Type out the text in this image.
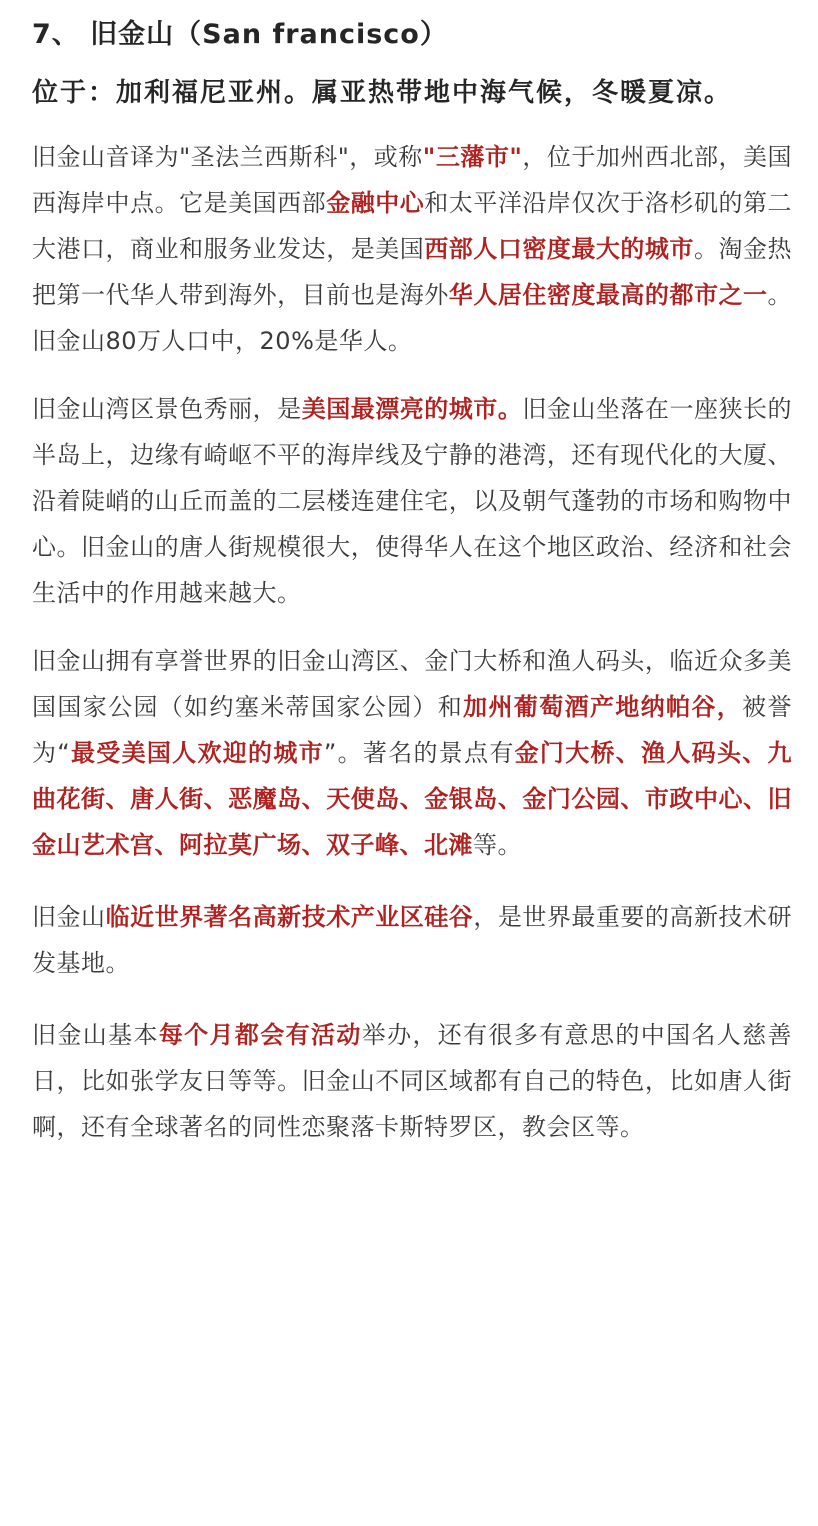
7、 旧金山（San francisco）
位于：加利福尼亚州。属亚热带地中海气候，冬暖夏凉。

旧金山音译为"圣法兰西斯科"，或称"三藩市"，位于加州西北部，美国西海岸中点。它是美国西部金融中心和太平洋沿岸仅次于洛杉矶的第二大港口，商业和服务业发达，是美国西部人口密度最大的城市。淘金热把第一代华人带到海外，目前也是海外华人居住密度最高的都市之一。旧金山80万人口中，20%是华人。

旧金山湾区景色秀丽，是美国最漂亮的城市。旧金山坐落在一座狭长的半岛上，边缘有崎岖不平的海岸线及宁静的港湾，还有现代化的大厦、沿着陡峭的山丘而盖的二层楼连建住宅，以及朝气蓬勃的市场和购物中心。旧金山的唐人街规模很大，使得华人在这个地区政治、经济和社会生活中的作用越来越大。

旧金山拥有享誉世界的旧金山湾区、金门大桥和渔人码头，临近众多美国国家公园（如约塞米蒂国家公园）和加州葡萄酒产地纳帕谷，被誉为“最受美国人欢迎的城市”。著名的景点有金门大桥、渔人码头、九曲花街、唐人街、恶魔岛、天使岛、金银岛、金门公园、市政中心、旧金山艺术宫、阿拉莫广场、双子峰、北滩等。

旧金山临近世界著名高新技术产业区硅谷，是世界最重要的高新技术研发基地。

旧金山基本每个月都会有活动举办，还有很多有意思的中国名人慈善日，比如张学友日等等。旧金山不同区域都有自己的特色，比如唐人街啊，还有全球著名的同性恋聚落卡斯特罗区，教会区等。
